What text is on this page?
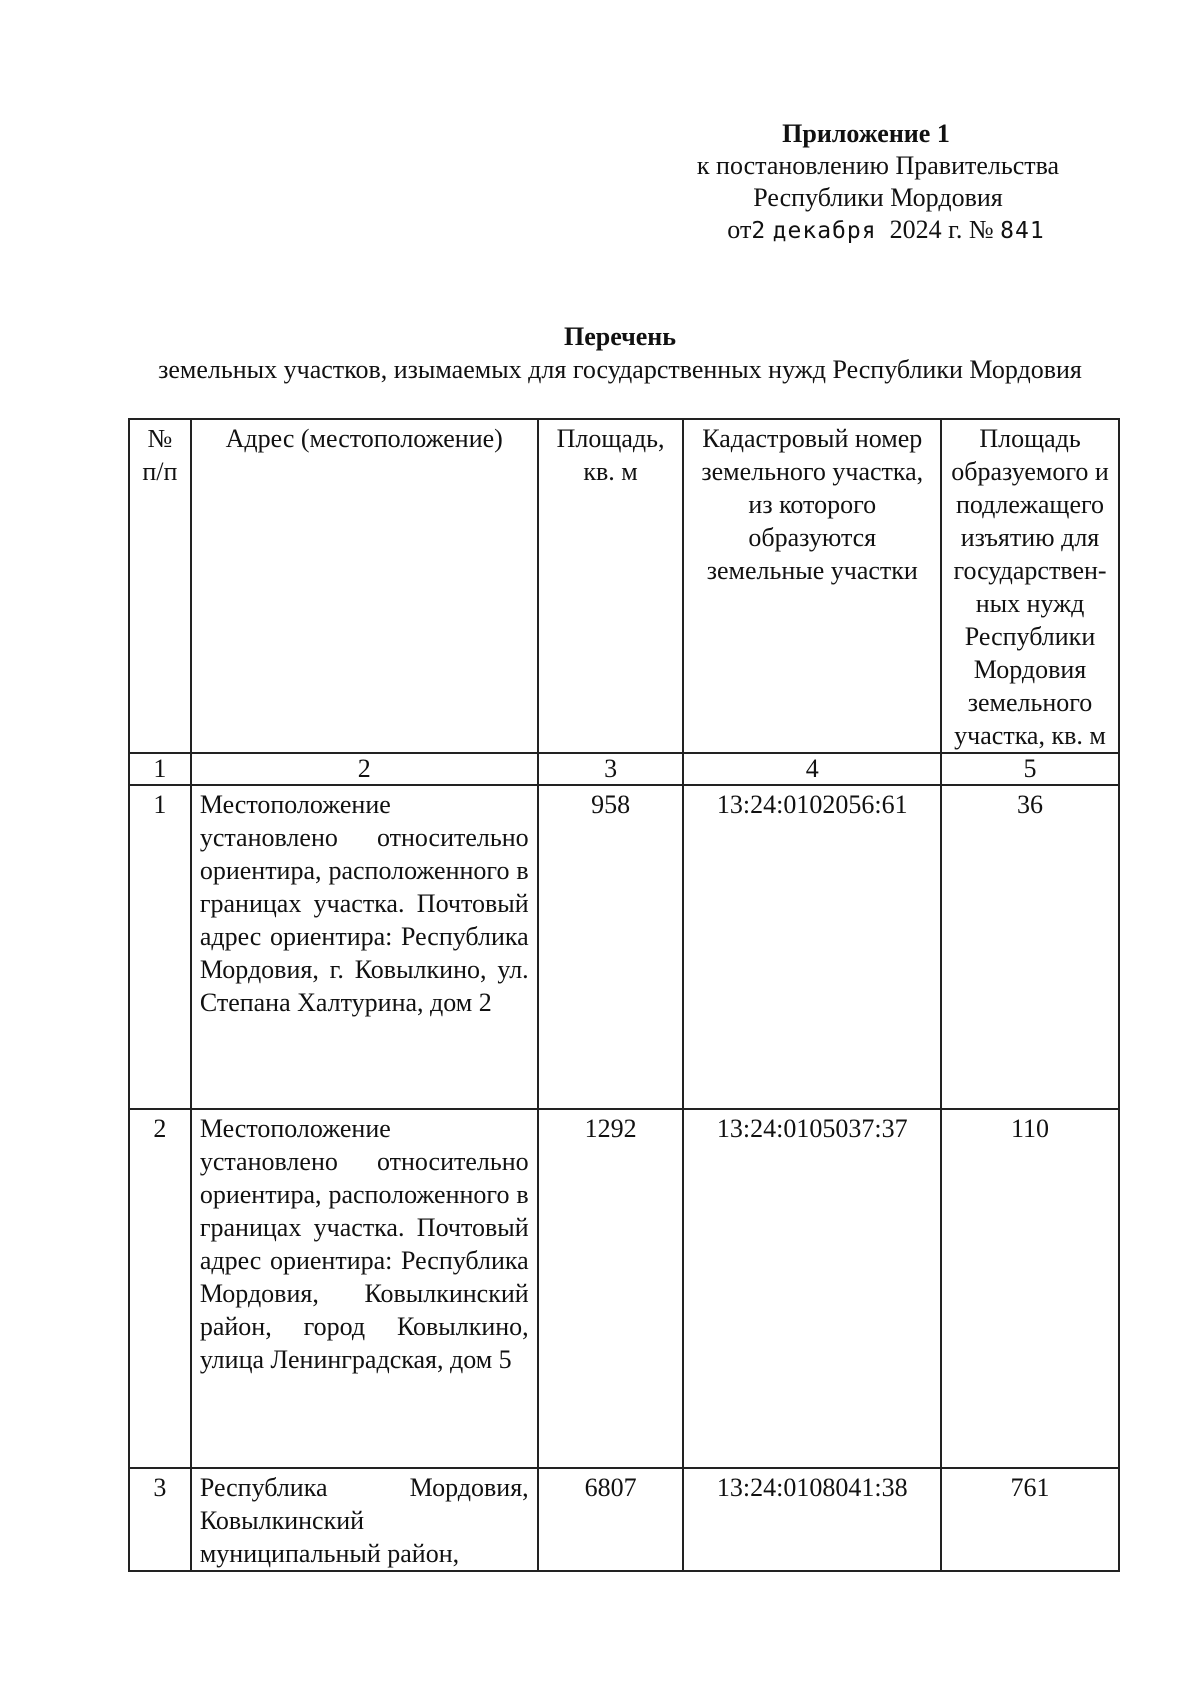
Приложение 1
к постановлению Правительства
Республики Мордовия
от2 декабря 2024 г. № 841
Перечень
земельных участков, изымаемых для государственных нужд Республики Мордовия
№ п/п	Адрес (местоположение)	Площадь, кв. м	Кадастровый номер земельного участка, из которого образуются земельные участки	Площадь образуемого и подлежащего изъятию для государствен-ных нужд Республики Мордовия земельного участка, кв. м
1	2	3	4	5
1	Местоположение установлено относительно ориентира, расположенного в границах участка. Почтовый адрес ориентира: Республика Мордовия, г. Ковылкино, ул. Степана Халтурина, дом 2	958	13:24:0102056:61	36
2	Местоположение установлено относительно ориентира, расположенного в границах участка. Почтовый адрес ориентира: Республика Мордовия, Ковылкинский район, город Ковылкино, улица Ленинградская, дом 5	1292	13:24:0105037:37	110
3	Республика Мордовия, Ковылкинский муниципальный район,	6807	13:24:0108041:38	761
